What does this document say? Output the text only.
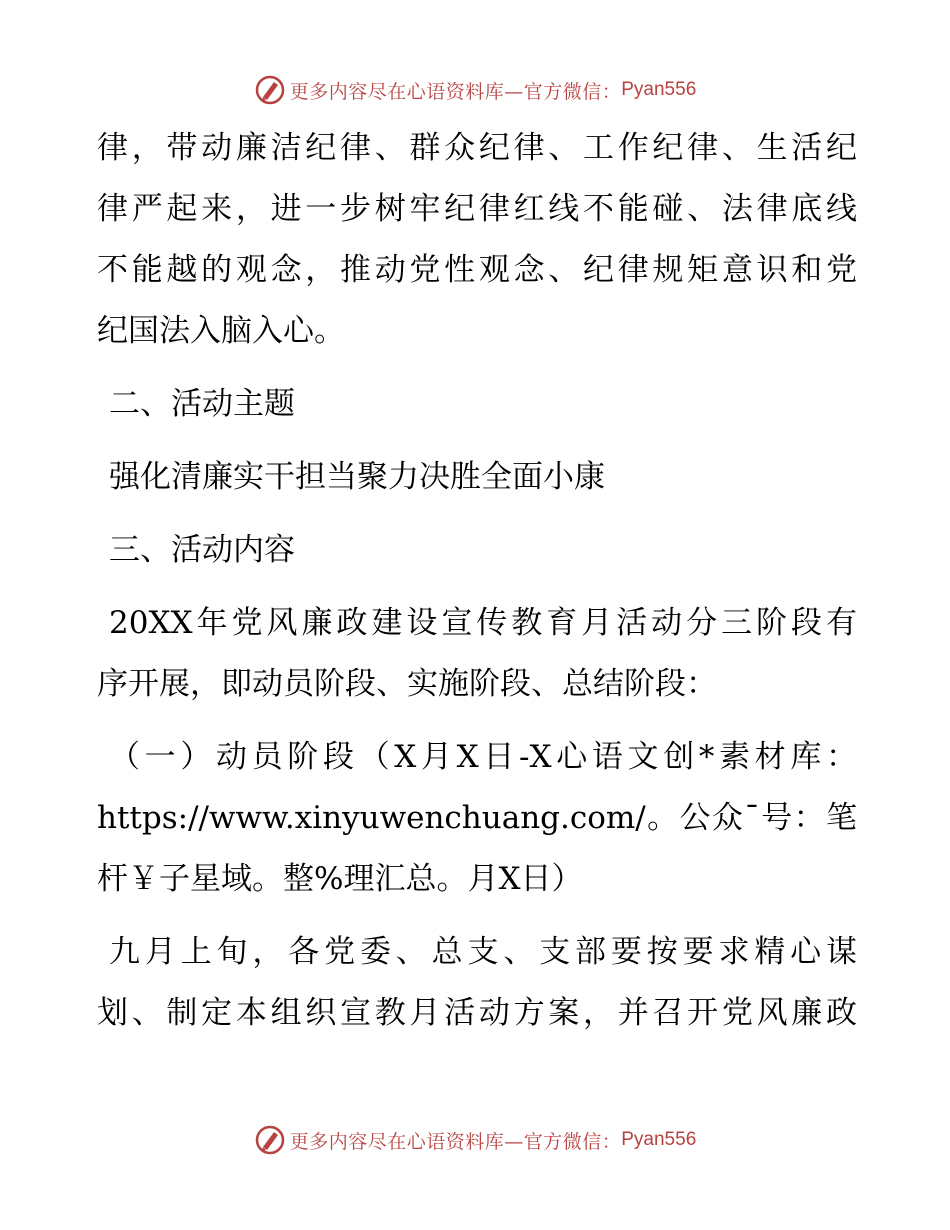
更多内容尽在心语资料库—官方微信： Pyan556
律，带动廉洁纪律、群众纪律、工作纪律、生活纪
律严起来，进一步树牢纪律红线不能碰、法律底线
不能越的观念，推动党性观念、纪律规矩意识和党
纪国法入脑入心。
二、活动主题
强化清廉实干担当聚力决胜全面小康
三、活动内容
20XX年党风廉政建设宣传教育月活动分三阶段有
序开展，即动员阶段、实施阶段、总结阶段：
（一）动员阶段（X月X日-X心语文创*素材库：
https://www.xinyuwenchuang.com/。公众¯号：笔
杆￥子星域。整%理汇总。月X日）
九月上旬，各党委、总支、支部要按要求精心谋
划、制定本组织宣教月活动方案，并召开党风廉政
更多内容尽在心语资料库—官方微信： Pyan556
